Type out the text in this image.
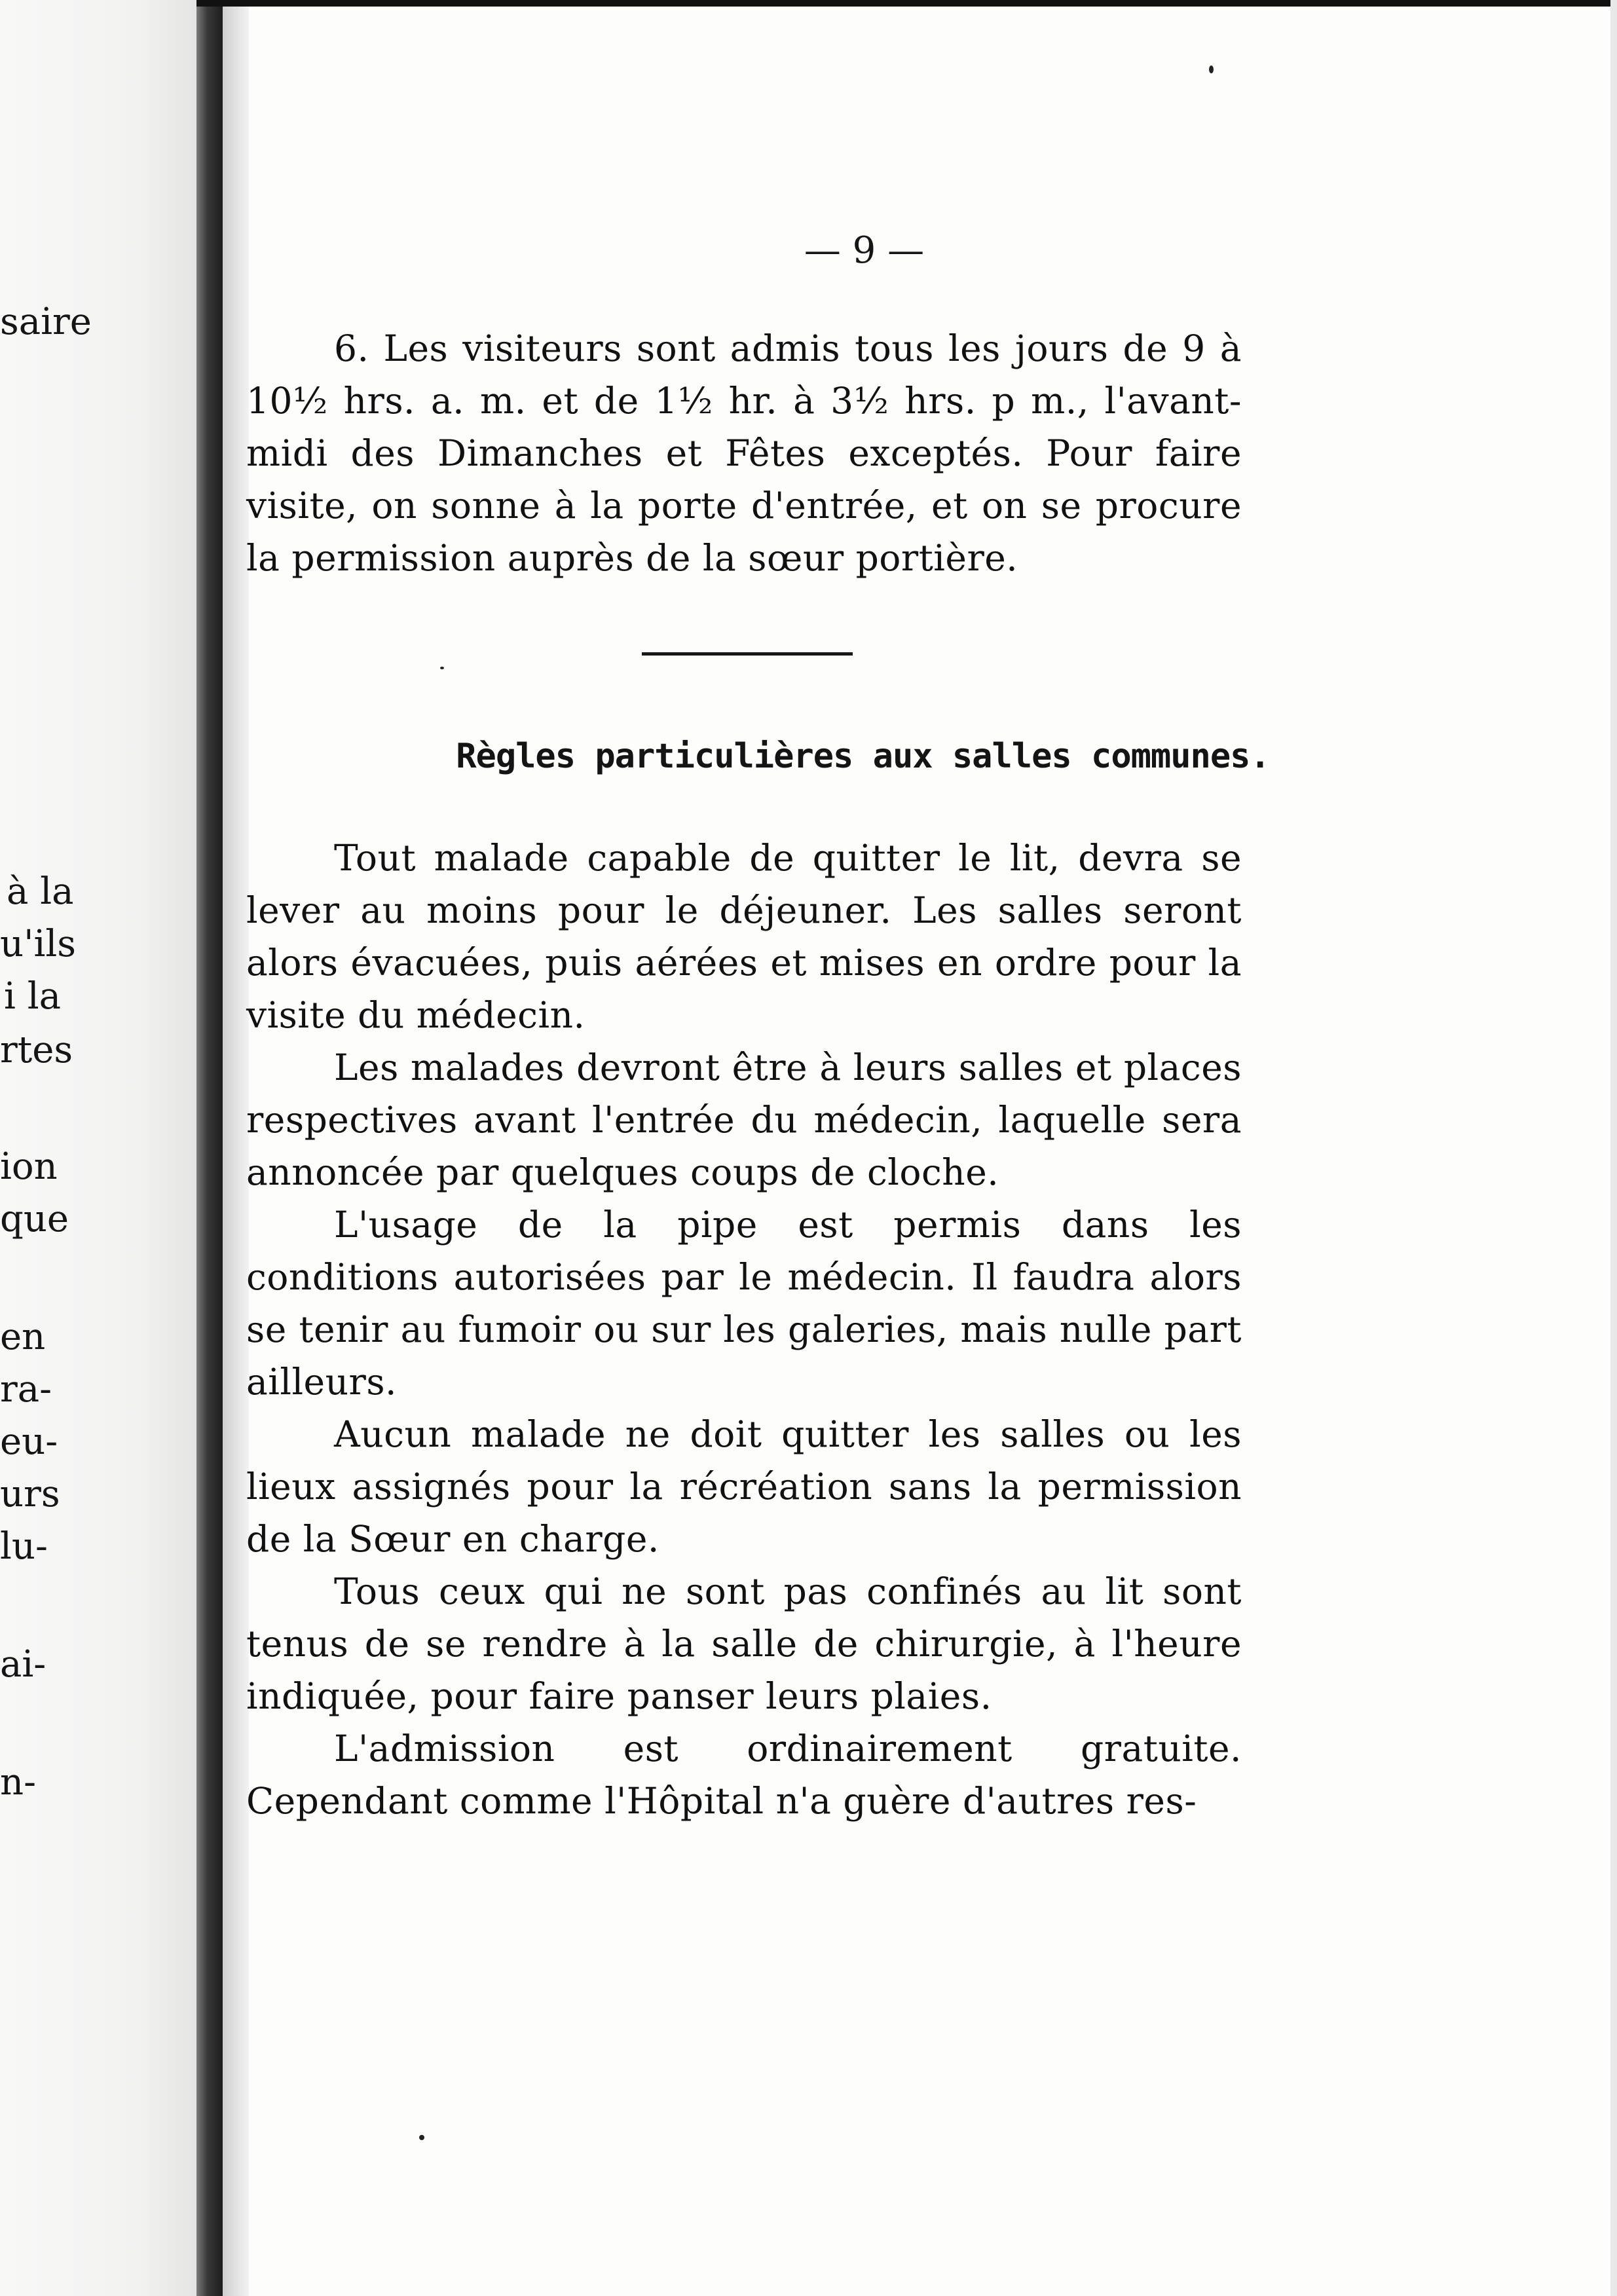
saire
à la
u'ils
i la
rtes
ion
que
en
ra-
eu-
urs
lu-
ai-
n-
— 9 —

6. Les visiteurs sont admis tous les jours de 9 à 10½ hrs. a. m. et de 1½ hr. à 3½ hrs. p m., l'avant-midi des Dimanches et Fêtes exceptés. Pour faire visite, on sonne à la porte d'entrée, et on se procure la permission auprès de la sœur portière.

Règles particulières aux salles communes.

Tout malade capable de quitter le lit, devra se lever au moins pour le déjeuner. Les salles seront alors évacuées, puis aérées et mises en ordre pour la visite du médecin.

Les malades devront être à leurs salles et places respectives avant l'entrée du médecin, laquelle sera annoncée par quelques coups de cloche.

L'usage de la pipe est permis dans les conditions autorisées par le médecin. Il faudra alors se tenir au fumoir ou sur les galeries, mais nulle part ailleurs.

Aucun malade ne doit quitter les salles ou les lieux assignés pour la récréation sans la permission de la Sœur en charge.

Tous ceux qui ne sont pas confinés au lit sont tenus de se rendre à la salle de chirurgie, à l'heure indiquée, pour faire panser leurs plaies.

L'admission est ordinairement gratuite. Cependant comme l'Hôpital n'a guère d'autres res-
